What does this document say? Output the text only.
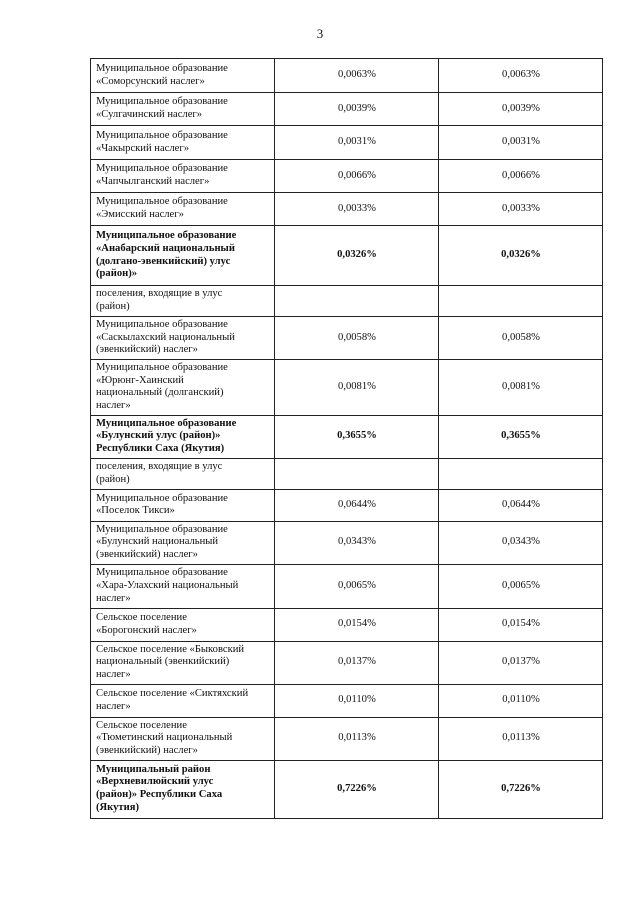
3
Муниципальное образование
«Соморсунский наслег»	0,0063%	0,0063%

Муниципальное образование
«Сулгачинский наслег»	0,0039%	0,0039%

Муниципальное образование
«Чакырский наслег»	0,0031%	0,0031%

Муниципальное образование
«Чапчылганский наслег»	0,0066%	0,0066%

Муниципальное образование
«Эмисский наслег»	0,0033%	0,0033%

Муниципальное образование
«Анабарский национальный
(долгано-эвенкийский) улус
(район)»	0,0326%	0,0326%

поселения, входящие в улус
(район)		

Муниципальное образование
«Саскылахский национальный
(эвенкийский) наслег»	0,0058%	0,0058%

Муниципальное образование
«Юрюнг-Хаинский
национальный (долганский)
наслег»	0,0081%	0,0081%

Муниципальное образование
«Булунский улус (район)»
Республики Саха (Якутия)	0,3655%	0,3655%

поселения, входящие в улус
(район)		

Муниципальное образование
«Поселок Тикси»	0,0644%	0,0644%

Муниципальное образование
«Булунский национальный
(эвенкийский) наслег»	0,0343%	0,0343%

Муниципальное образование
«Хара-Улахский национальный
наслег»	0,0065%	0,0065%

Сельское поселение
«Борогонский наслег»	0,0154%	0,0154%

Сельское поселение «Быковский
национальный (эвенкийский)
наслег»	0,0137%	0,0137%

Сельское поселение «Сиктяхский
наслег»	0,0110%	0,0110%

Сельское поселение
«Тюметинский национальный
(эвенкийский) наслег»	0,0113%	0,0113%

Муниципальный район
«Верхневилюйский улус
(район)» Республики Саха
(Якутия)	0,7226%	0,7226%
